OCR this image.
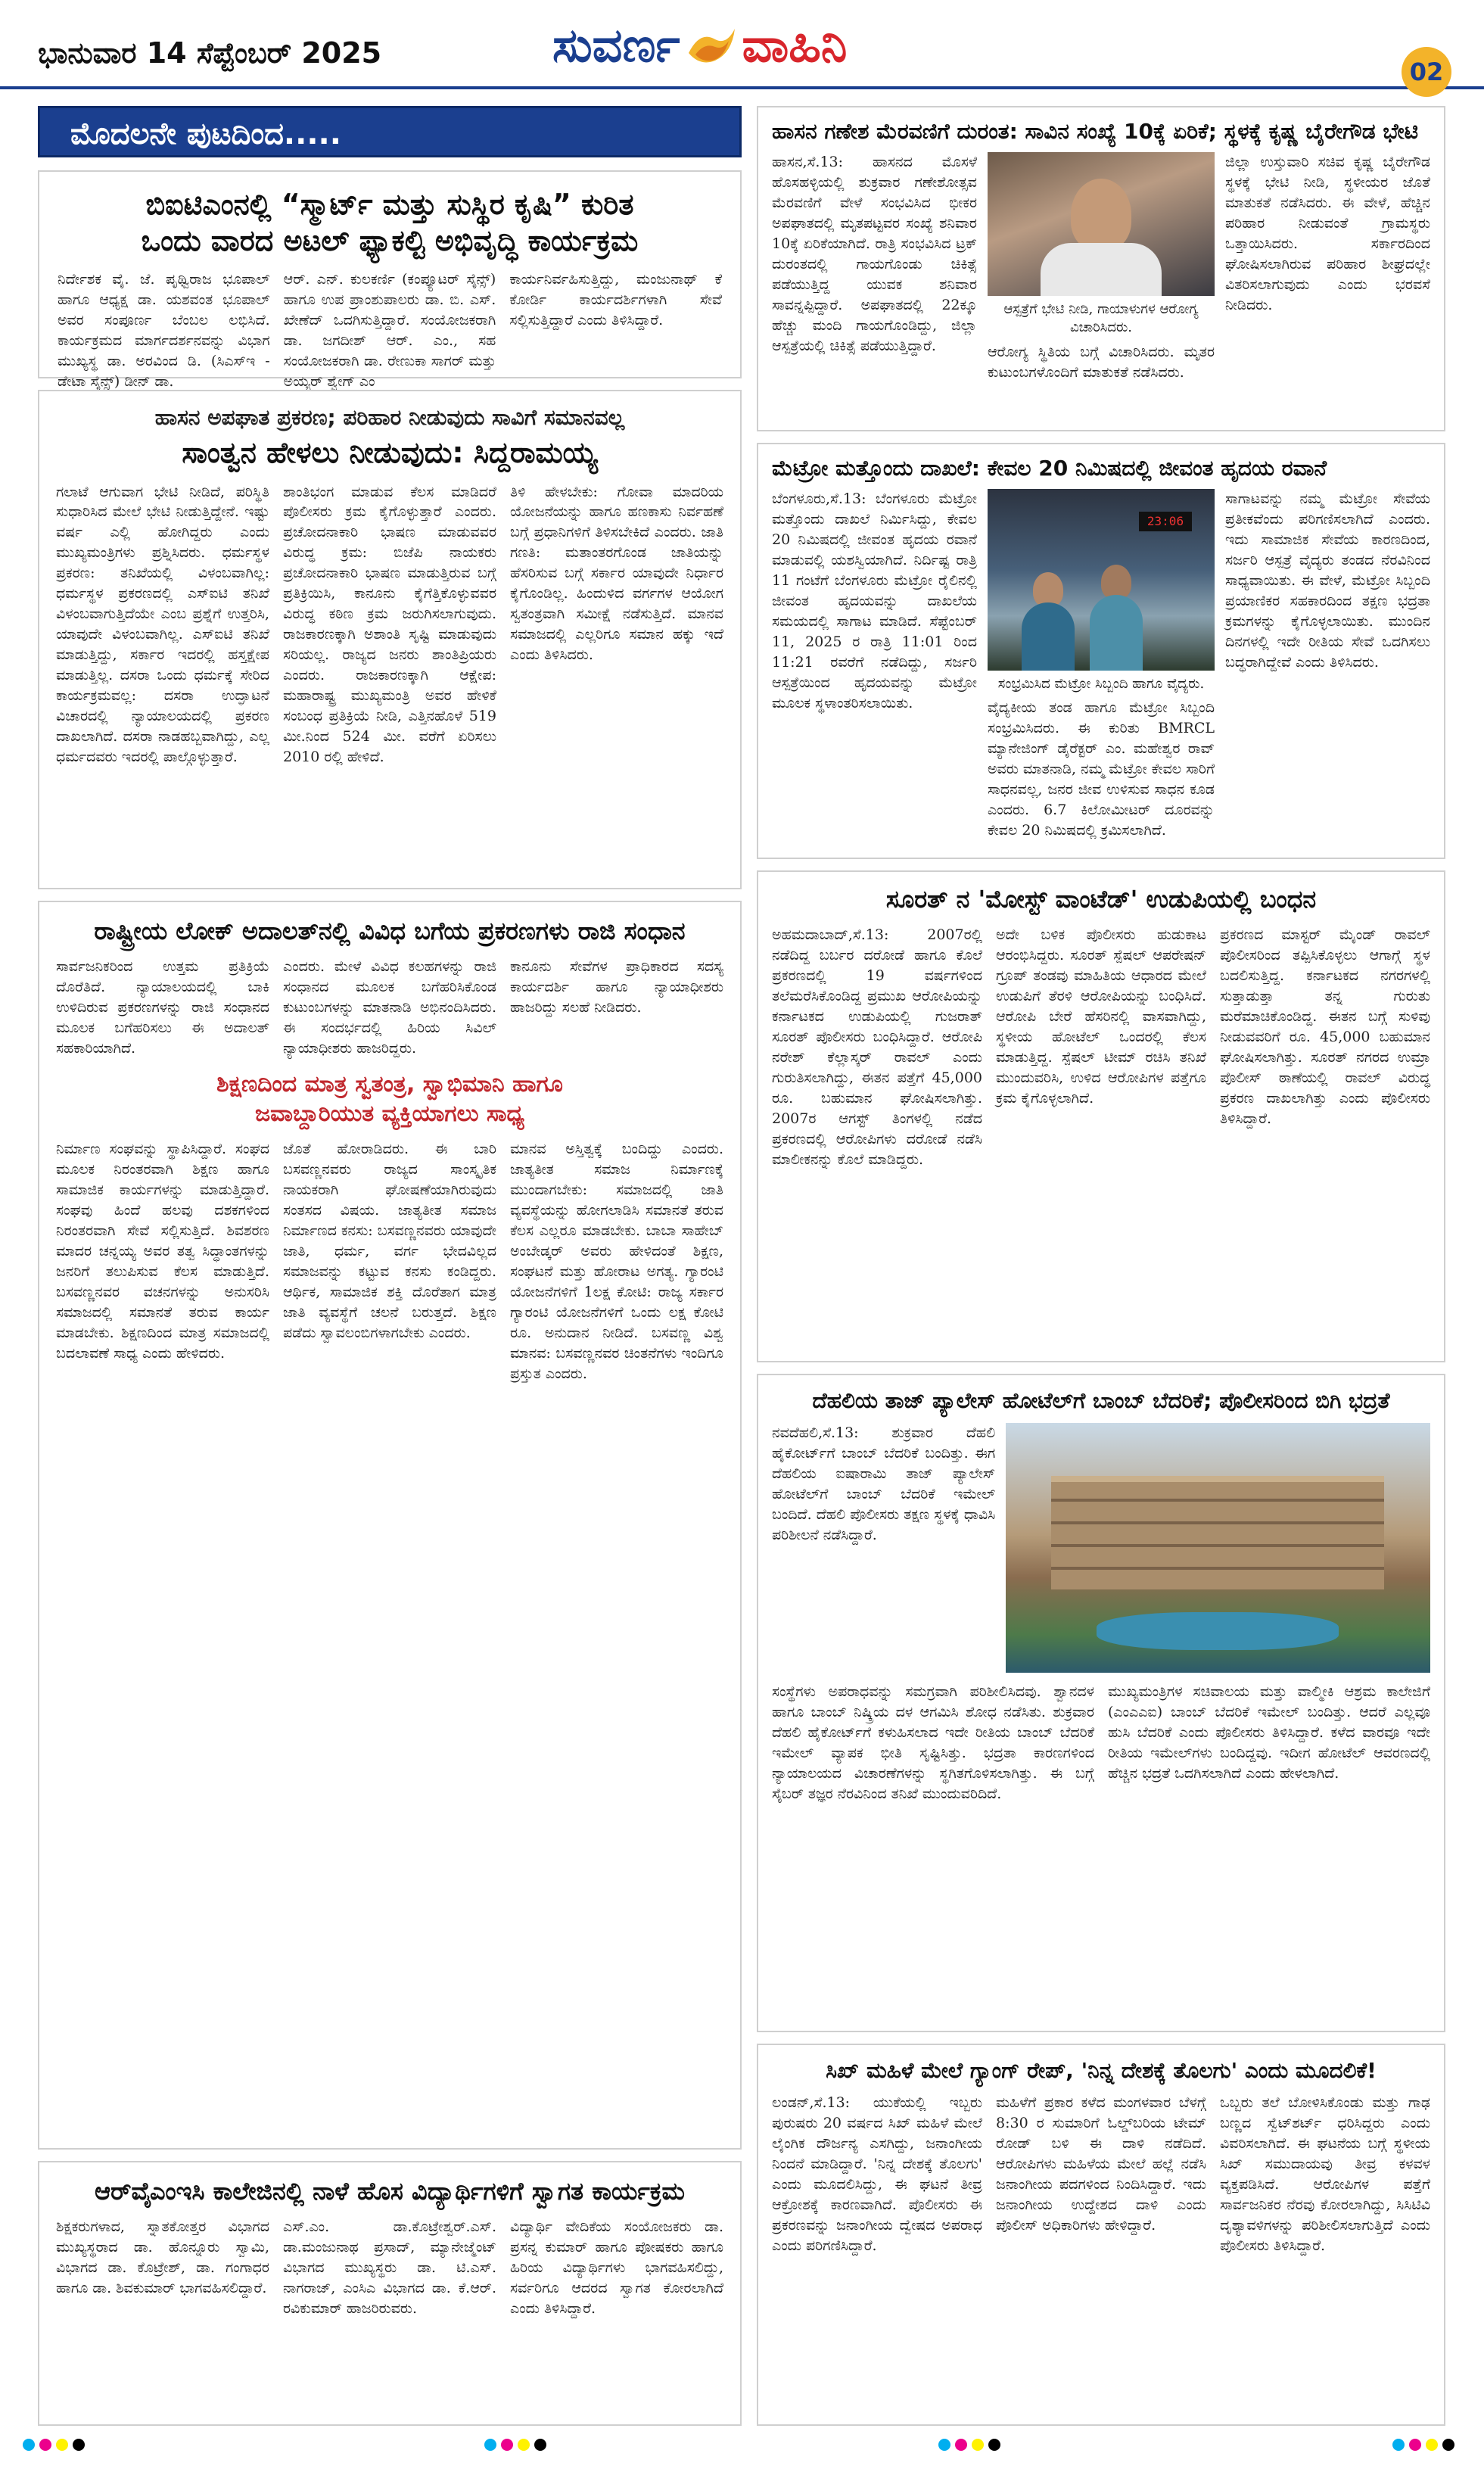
ಭಾನುವಾರ 14 ಸೆಪ್ಟೆಂಬರ್ 2025	ಸುವರ್ಣ ವಾಹಿನಿ	02
ಮೊದಲನೇ ಪುಟದಿಂದ.....
ಬಿಐಟಿಎಂನಲ್ಲಿ “ಸ್ಮಾರ್ಟ್ ಮತ್ತು ಸುಸ್ಥಿರ ಕೃಷಿ” ಕುರಿತ
ಒಂದು ವಾರದ ಅಟಲ್ ಫ್ಯಾಕಲ್ಟಿ ಅಭಿವೃದ್ಧಿ ಕಾರ್ಯಕ್ರಮ

ನಿರ್ದೇಶಕ ವೈ. ಜೆ. ಪೃಥ್ವಿರಾಜ ಭೂಪಾಲ್ ಹಾಗೂ ಆಧ್ಯಕ್ಷ ಡಾ. ಯಶವಂತ ಭೂಪಾಲ್ ಅವರ ಸಂಪೂರ್ಣ ಬೆಂಬಲ ಲಭಿಸಿದೆ. ಕಾರ್ಯಕ್ರಮದ ಮಾರ್ಗದರ್ಶನವನ್ನು ವಿಭಾಗ ಮುಖ್ಯಸ್ಥ ಡಾ. ಅರವಿಂದ ಡಿ. (ಸಿಎಸ್ಇ - ಡೇಟಾ ಸೈನ್ಸ್) ಡೀನ್ ಡಾ.

ಆರ್. ಎನ್. ಕುಲಕರ್ಣಿ (ಕಂಪ್ಯೂಟರ್ ಸೈನ್ಸ್) ಹಾಗೂ ಉಪ ಪ್ರಾಂಶುಪಾಲರು ಡಾ. ಬಿ. ಎಸ್. ಖೇಣೆದ್ ಒದಗಿಸುತ್ತಿದ್ದಾರೆ. ಸಂಯೋಜಕರಾಗಿ ಡಾ. ಜಗದೀಶ್ ಆರ್. ಎಂ., ಸಹ ಸಂಯೋಜಕರಾಗಿ ಡಾ. ರೇಣುಕಾ ಸಾಗರ್ ಮತ್ತು ಅಯ್ಯರ್ ಶ್ವೇಗ್ ಎಂ

ಕಾರ್ಯನಿರ್ವಹಿಸುತ್ತಿದ್ದು, ಮಂಜುನಾಥ್ ಕೆ ಕೋರ್ಡಿ ಕಾರ್ಯದರ್ಶಿಗಳಾಗಿ ಸೇವೆ ಸಲ್ಲಿಸುತ್ತಿದ್ದಾರೆ ಎಂದು ತಿಳಿಸಿದ್ದಾರೆ.

ಹಾಸನ ಅಪಘಾತ ಪ್ರಕರಣ; ಪರಿಹಾರ ನೀಡುವುದು ಸಾವಿಗೆ ಸಮಾನವಲ್ಲ
ಸಾಂತ್ವನ ಹೇಳಲು ನೀಡುವುದು: ಸಿದ್ದರಾಮಯ್ಯ

ಗಲಾಟೆ ಆಗುವಾಗ ಭೇಟಿ ನೀಡಿದೆ, ಪರಿಸ್ಥಿತಿ ಸುಧಾರಿಸಿದ ಮೇಲೆ ಭೇಟಿ ನೀಡುತ್ತಿದ್ದೇನೆ. ಇಷ್ಟು ವರ್ಷ ಎಲ್ಲಿ ಹೋಗಿದ್ದರು ಎಂದು ಮುಖ್ಯಮಂತ್ರಿಗಳು ಪ್ರಶ್ನಿಸಿದರು. ಧರ್ಮಸ್ಥಳ ಪ್ರಕರಣ: ತನಿಖೆಯಲ್ಲಿ ವಿಳಂಬವಾಗಿಲ್ಲ: ಧರ್ಮಸ್ಥಳ ಪ್ರಕರಣದಲ್ಲಿ ಎಸ್ಐಟಿ ತನಿಖೆ ವಿಳಂಬವಾಗುತ್ತಿದೆಯೇ ಎಂಬ ಪ್ರಶ್ನೆಗೆ ಉತ್ತರಿಸಿ, ಯಾವುದೇ ವಿಳಂಬವಾಗಿಲ್ಲ. ಎಸ್ಐಟಿ ತನಿಖೆ ಮಾಡುತ್ತಿದ್ದು, ಸರ್ಕಾರ ಇದರಲ್ಲಿ ಹಸ್ತಕ್ಷೇಪ ಮಾಡುತ್ತಿಲ್ಲ. ದಸರಾ ಒಂದು ಧರ್ಮಕ್ಕೆ ಸೇರಿದ ಕಾರ್ಯಕ್ರಮವಲ್ಲ: ದಸರಾ ಉದ್ಘಾಟನೆ ವಿಚಾರದಲ್ಲಿ ನ್ಯಾಯಾಲಯದಲ್ಲಿ ಪ್ರಕರಣ ದಾಖಲಾಗಿದೆ. ದಸರಾ ನಾಡಹಬ್ಬವಾಗಿದ್ದು, ಎಲ್ಲ ಧರ್ಮದವರು ಇದರಲ್ಲಿ ಪಾಲ್ಗೊಳ್ಳುತ್ತಾರೆ.

ಶಾಂತಿಭಂಗ ಮಾಡುವ ಕೆಲಸ ಮಾಡಿದರೆ ಪೊಲೀಸರು ಕ್ರಮ ಕೈಗೊಳ್ಳುತ್ತಾರೆ ಎಂದರು. ಪ್ರಚೋದನಾಕಾರಿ ಭಾಷಣ ಮಾಡುವವರ ವಿರುದ್ಧ ಕ್ರಮ: ಬಿಜೆಪಿ ನಾಯಕರು ಪ್ರಚೋದನಾಕಾರಿ ಭಾಷಣ ಮಾಡುತ್ತಿರುವ ಬಗ್ಗೆ ಪ್ರತಿಕ್ರಿಯಿಸಿ, ಕಾನೂನು ಕೈಗೆತ್ತಿಕೊಳ್ಳುವವರ ವಿರುದ್ಧ ಕಠಿಣ ಕ್ರಮ ಜರುಗಿಸಲಾಗುವುದು. ರಾಜಕಾರಣಕ್ಕಾಗಿ ಅಶಾಂತಿ ಸೃಷ್ಟಿ ಮಾಡುವುದು ಸರಿಯಲ್ಲ. ರಾಜ್ಯದ ಜನರು ಶಾಂತಿಪ್ರಿಯರು ಎಂದರು. ರಾಜಕಾರಣಕ್ಕಾಗಿ ಆಕ್ಷೇಪ: ಮಹಾರಾಷ್ಟ್ರ ಮುಖ್ಯಮಂತ್ರಿ ಅವರ ಹೇಳಿಕೆ ಸಂಬಂಧ ಪ್ರತಿಕ್ರಿಯೆ ನೀಡಿ, ಎತ್ತಿನಹೊಳೆ 519 ಮೀ.ನಿಂದ 524 ಮೀ. ವರೆಗೆ ಏರಿಸಲು 2010 ರಲ್ಲಿ ಹೇಳಿದೆ.

ತಿಳಿ ಹೇಳಬೇಕು: ಗೋವಾ ಮಾದರಿಯ ಯೋಜನೆಯನ್ನು ಹಾಗೂ ಹಣಕಾಸು ನಿರ್ವಹಣೆ ಬಗ್ಗೆ ಪ್ರಧಾನಿಗಳಿಗೆ ತಿಳಿಸಬೇಕಿದೆ ಎಂದರು. ಜಾತಿ ಗಣತಿ: ಮತಾಂತರಗೊಂಡ ಜಾತಿಯನ್ನು ಹೆಸರಿಸುವ ಬಗ್ಗೆ ಸರ್ಕಾರ ಯಾವುದೇ ನಿರ್ಧಾರ ಕೈಗೊಂಡಿಲ್ಲ. ಹಿಂದುಳಿದ ವರ್ಗಗಳ ಆಯೋಗ ಸ್ವತಂತ್ರವಾಗಿ ಸಮೀಕ್ಷೆ ನಡೆಸುತ್ತಿದೆ. ಮಾನವ ಸಮಾಜದಲ್ಲಿ ಎಲ್ಲರಿಗೂ ಸಮಾನ ಹಕ್ಕು ಇದೆ ಎಂದು ತಿಳಿಸಿದರು.

ರಾಷ್ಟ್ರೀಯ ಲೋಕ್ ಅದಾಲತ್‌ನಲ್ಲಿ ವಿವಿಧ ಬಗೆಯ ಪ್ರಕರಣಗಳು ರಾಜಿ ಸಂಧಾನ

ಸಾರ್ವಜನಿಕರಿಂದ ಉತ್ತಮ ಪ್ರತಿಕ್ರಿಯೆ ದೊರೆತಿದೆ. ನ್ಯಾಯಾಲಯದಲ್ಲಿ ಬಾಕಿ ಉಳಿದಿರುವ ಪ್ರಕರಣಗಳನ್ನು ರಾಜಿ ಸಂಧಾನದ ಮೂಲಕ ಬಗೆಹರಿಸಲು ಈ ಅದಾಲತ್ ಸಹಕಾರಿಯಾಗಿದೆ.

ಎಂದರು. ಮೇಳೆ ವಿವಿಧ ಕಲಹಗಳನ್ನು ರಾಜಿ ಸಂಧಾನದ ಮೂಲಕ ಬಗೆಹರಿಸಿಕೊಂಡ ಕುಟುಂಬಗಳನ್ನು ಮಾತನಾಡಿ ಅಭಿನಂದಿಸಿದರು. ಈ ಸಂದರ್ಭದಲ್ಲಿ ಹಿರಿಯ ಸಿವಿಲ್ ನ್ಯಾಯಾಧೀಶರು ಹಾಜರಿದ್ದರು.

ಕಾನೂನು ಸೇವೆಗಳ ಪ್ರಾಧಿಕಾರದ ಸದಸ್ಯ ಕಾರ್ಯದರ್ಶಿ ಹಾಗೂ ನ್ಯಾಯಾಧೀಶರು ಹಾಜರಿದ್ದು ಸಲಹೆ ನೀಡಿದರು.

ಶಿಕ್ಷಣದಿಂದ ಮಾತ್ರ ಸ್ವತಂತ್ರ, ಸ್ವಾಭಿಮಾನಿ ಹಾಗೂ
ಜವಾಬ್ದಾರಿಯುತ ವ್ಯಕ್ತಿಯಾಗಲು ಸಾಧ್ಯ

ನಿರ್ಮಾಣ ಸಂಘವನ್ನು ಸ್ಥಾಪಿಸಿದ್ದಾರೆ. ಸಂಘದ ಮೂಲಕ ನಿರಂತರವಾಗಿ ಶಿಕ್ಷಣ ಹಾಗೂ ಸಾಮಾಜಿಕ ಕಾರ್ಯಗಳನ್ನು ಮಾಡುತ್ತಿದ್ದಾರೆ. ಸಂಘವು ಹಿಂದೆ ಹಲವು ದಶಕಗಳಿಂದ ನಿರಂತರವಾಗಿ ಸೇವೆ ಸಲ್ಲಿಸುತ್ತಿದೆ. ಶಿವಶರಣ ಮಾದರ ಚನ್ನಯ್ಯ ಅವರ ತತ್ವ ಸಿದ್ಧಾಂತಗಳನ್ನು ಜನರಿಗೆ ತಲುಪಿಸುವ ಕೆಲಸ ಮಾಡುತ್ತಿದೆ. ಬಸವಣ್ಣನವರ ವಚನಗಳನ್ನು ಅನುಸರಿಸಿ ಸಮಾಜದಲ್ಲಿ ಸಮಾನತೆ ತರುವ ಕಾರ್ಯ ಮಾಡಬೇಕು. ಶಿಕ್ಷಣದಿಂದ ಮಾತ್ರ ಸಮಾಜದಲ್ಲಿ ಬದಲಾವಣೆ ಸಾಧ್ಯ ಎಂದು ಹೇಳಿದರು.

ಜೊತೆ ಹೋರಾಡಿದರು. ಈ ಬಾರಿ ಬಸವಣ್ಣನವರು ರಾಜ್ಯದ ಸಾಂಸ್ಕೃತಿಕ ನಾಯಕರಾಗಿ ಘೋಷಣೆಯಾಗಿರುವುದು ಸಂತಸದ ವಿಷಯ. ಜಾತ್ಯತೀತ ಸಮಾಜ ನಿರ್ಮಾಣದ ಕನಸು: ಬಸವಣ್ಣನವರು ಯಾವುದೇ ಜಾತಿ, ಧರ್ಮ, ವರ್ಗ ಭೇದವಿಲ್ಲದ ಸಮಾಜವನ್ನು ಕಟ್ಟುವ ಕನಸು ಕಂಡಿದ್ದರು. ಆರ್ಥಿಕ, ಸಾಮಾಜಿಕ ಶಕ್ತಿ ದೊರೆತಾಗ ಮಾತ್ರ ಜಾತಿ ವ್ಯವಸ್ಥೆಗೆ ಚಲನೆ ಬರುತ್ತದೆ. ಶಿಕ್ಷಣ ಪಡೆದು ಸ್ವಾವಲಂಬಿಗಳಾಗಬೇಕು ಎಂದರು.

ಮಾನವ ಅಸ್ತಿತ್ವಕ್ಕೆ ಬಂದಿದ್ದು ಎಂದರು. ಜಾತ್ಯತೀತ ಸಮಾಜ ನಿರ್ಮಾಣಕ್ಕೆ ಮುಂದಾಗಬೇಕು: ಸಮಾಜದಲ್ಲಿ ಜಾತಿ ವ್ಯವಸ್ಥೆಯನ್ನು ಹೋಗಲಾಡಿಸಿ ಸಮಾನತೆ ತರುವ ಕೆಲಸ ಎಲ್ಲರೂ ಮಾಡಬೇಕು. ಬಾಬಾ ಸಾಹೇಬ್ ಅಂಬೇಡ್ಕರ್ ಅವರು ಹೇಳಿದಂತೆ ಶಿಕ್ಷಣ, ಸಂಘಟನೆ ಮತ್ತು ಹೋರಾಟ ಅಗತ್ಯ. ಗ್ಯಾರಂಟಿ ಯೋಜನೆಗಳಿಗೆ 1ಲಕ್ಷ ಕೋಟಿ: ರಾಜ್ಯ ಸರ್ಕಾರ ಗ್ಯಾರಂಟಿ ಯೋಜನೆಗಳಿಗೆ ಒಂದು ಲಕ್ಷ ಕೋಟಿ ರೂ. ಅನುದಾನ ನೀಡಿದೆ. ಬಸವಣ್ಣ ವಿಶ್ವ ಮಾನವ: ಬಸವಣ್ಣನವರ ಚಿಂತನೆಗಳು ಇಂದಿಗೂ ಪ್ರಸ್ತುತ ಎಂದರು.

ಆರ್‌ವೈಎಂಇಸಿ ಕಾಲೇಜಿನಲ್ಲಿ ನಾಳೆ ಹೊಸ ವಿದ್ಯಾರ್ಥಿಗಳಿಗೆ ಸ್ವಾಗತ ಕಾರ್ಯಕ್ರಮ

ಶಿಕ್ಷಕರುಗಳಾದ, ಸ್ನಾತಕೋತ್ತರ ವಿಭಾಗದ ಮುಖ್ಯಸ್ಥರಾದ ಡಾ. ಹೊನ್ನೂರು ಸ್ವಾಮಿ, ವಿಭಾಗದ ಡಾ. ಕೊಟ್ರೇಶ್, ಡಾ. ಗಂಗಾಧರ ಹಾಗೂ ಡಾ. ಶಿವಕುಮಾರ್ ಭಾಗವಹಿಸಲಿದ್ದಾರೆ.

ಎಸ್.ಎಂ. ಡಾ.ಕೊಟ್ರೇಶ್ವರ್.ಎಸ್. ಡಾ.ಮಂಜುನಾಥ ಪ್ರಸಾದ್, ಮ್ಯಾನೇಜ್ಮೆಂಟ್ ವಿಭಾಗದ ಮುಖ್ಯಸ್ಥರು ಡಾ. ಟಿ.ಎಸ್. ನಾಗರಾಜ್, ಎಂಸಿಎ ವಿಭಾಗದ ಡಾ. ಕೆ.ಆರ್. ರವಿಕುಮಾರ್ ಹಾಜರಿರುವರು.

ವಿದ್ಯಾರ್ಥಿ ವೇದಿಕೆಯ ಸಂಯೋಜಕರು ಡಾ. ಪ್ರಸನ್ನ ಕುಮಾರ್ ಹಾಗೂ ಪೋಷಕರು ಹಾಗೂ ಹಿರಿಯ ವಿದ್ಯಾರ್ಥಿಗಳು ಭಾಗವಹಿಸಲಿದ್ದು, ಸರ್ವರಿಗೂ ಆದರದ ಸ್ವಾಗತ ಕೋರಲಾಗಿದೆ ಎಂದು ತಿಳಿಸಿದ್ದಾರೆ.

ಹಾಸನ ಗಣೇಶ ಮೆರವಣಿಗೆ ದುರಂತ: ಸಾವಿನ ಸಂಖ್ಯೆ 10ಕ್ಕೆ ಏರಿಕೆ; ಸ್ಥಳಕ್ಕೆ ಕೃಷ್ಣ ಬೈರೇಗೌಡ ಭೇಟಿ

ಹಾಸನ,ಸೆ.13: ಹಾಸನದ ಮೊಸಳೆ ಹೊಸಹಳ್ಳಿಯಲ್ಲಿ ಶುಕ್ರವಾರ ಗಣೇಶೋತ್ಸವ ಮೆರವಣಿಗೆ ವೇಳೆ ಸಂಭವಿಸಿದ ಭೀಕರ ಅಪಘಾತದಲ್ಲಿ ಮೃತಪಟ್ಟವರ ಸಂಖ್ಯೆ ಶನಿವಾರ 10ಕ್ಕೆ ಏರಿಕೆಯಾಗಿದೆ. ರಾತ್ರಿ ಸಂಭವಿಸಿದ ಟ್ರಕ್ ದುರಂತದಲ್ಲಿ ಗಾಯಗೊಂಡು ಚಿಕಿತ್ಸೆ ಪಡೆಯುತ್ತಿದ್ದ ಯುವಕ ಶನಿವಾರ ಸಾವನ್ನಪ್ಪಿದ್ದಾರೆ. ಅಪಘಾತದಲ್ಲಿ 22ಕ್ಕೂ ಹೆಚ್ಚು ಮಂದಿ ಗಾಯಗೊಂಡಿದ್ದು, ಜಿಲ್ಲಾ ಆಸ್ಪತ್ರೆಯಲ್ಲಿ ಚಿಕಿತ್ಸೆ ಪಡೆಯುತ್ತಿದ್ದಾರೆ.

ಆಸ್ಪತ್ರೆಗೆ ಭೇಟಿ ನೀಡಿ, ಗಾಯಾಳುಗಳ ಆರೋಗ್ಯ ವಿಚಾರಿಸಿದರು.

ಆರೋಗ್ಯ ಸ್ಥಿತಿಯ ಬಗ್ಗೆ ವಿಚಾರಿಸಿದರು. ಮೃತರ ಕುಟುಂಬಗಳೊಂದಿಗೆ ಮಾತುಕತೆ ನಡೆಸಿದರು.

ಜಿಲ್ಲಾ ಉಸ್ತುವಾರಿ ಸಚಿವ ಕೃಷ್ಣ ಬೈರೇಗೌಡ ಸ್ಥಳಕ್ಕೆ ಭೇಟಿ ನೀಡಿ, ಸ್ಥಳೀಯರ ಜೊತೆ ಮಾತುಕತೆ ನಡೆಸಿದರು. ಈ ವೇಳೆ, ಹೆಚ್ಚಿನ ಪರಿಹಾರ ನೀಡುವಂತೆ ಗ್ರಾಮಸ್ಥರು ಒತ್ತಾಯಿಸಿದರು. ಸರ್ಕಾರದಿಂದ ಘೋಷಿಸಲಾಗಿರುವ ಪರಿಹಾರ ಶೀಘ್ರದಲ್ಲೇ ವಿತರಿಸಲಾಗುವುದು ಎಂದು ಭರವಸೆ ನೀಡಿದರು.

ಮೆಟ್ರೋ ಮತ್ತೊಂದು ದಾಖಲೆ: ಕೇವಲ 20 ನಿಮಿಷದಲ್ಲಿ ಜೀವಂತ ಹೃದಯ ರವಾನೆ

ಬೆಂಗಳೂರು,ಸೆ.13: ಬೆಂಗಳೂರು ಮೆಟ್ರೋ ಮತ್ತೊಂದು ದಾಖಲೆ ನಿರ್ಮಿಸಿದ್ದು, ಕೇವಲ 20 ನಿಮಿಷದಲ್ಲಿ ಜೀವಂತ ಹೃದಯ ರವಾನೆ ಮಾಡುವಲ್ಲಿ ಯಶಸ್ವಿಯಾಗಿದೆ. ನಿರ್ದಿಷ್ಟ ರಾತ್ರಿ 11 ಗಂಟೆಗೆ ಬೆಂಗಳೂರು ಮೆಟ್ರೋ ರೈಲಿನಲ್ಲಿ ಜೀವಂತ ಹೃದಯವನ್ನು ದಾಖಲೆಯ ಸಮಯದಲ್ಲಿ ಸಾಗಾಟ ಮಾಡಿದೆ. ಸೆಪ್ಟೆಂಬರ್ 11, 2025 ರ ರಾತ್ರಿ 11:01 ರಿಂದ 11:21 ರವರೆಗೆ ನಡೆದಿದ್ದು, ಸರ್ಜರಿ ಆಸ್ಪತ್ರೆಯಿಂದ ಹೃದಯವನ್ನು ಮೆಟ್ರೋ ಮೂಲಕ ಸ್ಥಳಾಂತರಿಸಲಾಯಿತು.

23:06
ಸಂಭ್ರಮಿಸಿದ ಮೆಟ್ರೋ ಸಿಬ್ಬಂದಿ ಹಾಗೂ ವೈದ್ಯರು.

ವೈದ್ಯಕೀಯ ತಂಡ ಹಾಗೂ ಮೆಟ್ರೋ ಸಿಬ್ಬಂದಿ ಸಂಭ್ರಮಿಸಿದರು. ಈ ಕುರಿತು BMRCL ಮ್ಯಾನೇಜಿಂಗ್ ಡೈರೆಕ್ಟರ್ ಎಂ. ಮಹೇಶ್ವರ ರಾವ್ ಅವರು ಮಾತನಾಡಿ, ನಮ್ಮ ಮೆಟ್ರೋ ಕೇವಲ ಸಾರಿಗೆ ಸಾಧನವಲ್ಲ, ಜನರ ಜೀವ ಉಳಿಸುವ ಸಾಧನ ಕೂಡ ಎಂದರು. 6.7 ಕಿಲೋಮೀಟರ್ ದೂರವನ್ನು ಕೇವಲ 20 ನಿಮಿಷದಲ್ಲಿ ಕ್ರಮಿಸಲಾಗಿದೆ.

ಸಾಗಾಟವನ್ನು ನಮ್ಮ ಮೆಟ್ರೋ ಸೇವೆಯ ಪ್ರತೀಕವೆಂದು ಪರಿಗಣಿಸಲಾಗಿದೆ ಎಂದರು. ಇದು ಸಾಮಾಜಿಕ ಸೇವೆಯ ಕಾರಣದಿಂದ, ಸರ್ಜರಿ ಆಸ್ಪತ್ರೆ ವೈದ್ಯರು ತಂಡದ ನೆರವಿನಿಂದ ಸಾಧ್ಯವಾಯಿತು. ಈ ವೇಳೆ, ಮೆಟ್ರೋ ಸಿಬ್ಬಂದಿ ಪ್ರಯಾಣಿಕರ ಸಹಕಾರದಿಂದ ತಕ್ಷಣ ಭದ್ರತಾ ಕ್ರಮಗಳನ್ನು ಕೈಗೊಳ್ಳಲಾಯಿತು. ಮುಂದಿನ ದಿನಗಳಲ್ಲಿ ಇದೇ ರೀತಿಯ ಸೇವೆ ಒದಗಿಸಲು ಬದ್ಧರಾಗಿದ್ದೇವೆ ಎಂದು ತಿಳಿಸಿದರು.

ಸೂರತ್ ನ 'ಮೋಸ್ಟ್ ವಾಂಟೆಡ್' ಉಡುಪಿಯಲ್ಲಿ ಬಂಧನ

ಅಹಮದಾಬಾದ್,ಸೆ.13: 2007ರಲ್ಲಿ ನಡೆದಿದ್ದ ಬರ್ಬರ ದರೋಡೆ ಹಾಗೂ ಕೊಲೆ ಪ್ರಕರಣದಲ್ಲಿ 19 ವರ್ಷಗಳಿಂದ ತಲೆಮರೆಸಿಕೊಂಡಿದ್ದ ಪ್ರಮುಖ ಆರೋಪಿಯನ್ನು ಕರ್ನಾಟಕದ ಉಡುಪಿಯಲ್ಲಿ ಗುಜರಾತ್ ಸೂರತ್ ಪೊಲೀಸರು ಬಂಧಿಸಿದ್ದಾರೆ. ಆರೋಪಿ ನರೇಶ್ ಕೆಲ್ಲಾಸ್ಕರ್ ರಾವಲ್ ಎಂದು ಗುರುತಿಸಲಾಗಿದ್ದು, ಈತನ ಪತ್ತೆಗೆ 45,000 ರೂ. ಬಹುಮಾನ ಘೋಷಿಸಲಾಗಿತ್ತು. 2007ರ ಆಗಸ್ಟ್ ತಿಂಗಳಲ್ಲಿ ನಡೆದ ಪ್ರಕರಣದಲ್ಲಿ ಆರೋಪಿಗಳು ದರೋಡೆ ನಡೆಸಿ ಮಾಲೀಕನನ್ನು ಕೊಲೆ ಮಾಡಿದ್ದರು.

ಅದೇ ಬಳಿಕ ಪೊಲೀಸರು ಹುಡುಕಾಟ ಆರಂಭಿಸಿದ್ದರು. ಸೂರತ್ ಸ್ಪೆಷಲ್ ಆಪರೇಷನ್ ಗ್ರೂಪ್ ತಂಡವು ಮಾಹಿತಿಯ ಆಧಾರದ ಮೇಲೆ ಉಡುಪಿಗೆ ತೆರಳಿ ಆರೋಪಿಯನ್ನು ಬಂಧಿಸಿದೆ. ಆರೋಪಿ ಬೇರೆ ಹೆಸರಿನಲ್ಲಿ ವಾಸವಾಗಿದ್ದು, ಸ್ಥಳೀಯ ಹೋಟೆಲ್ ಒಂದರಲ್ಲಿ ಕೆಲಸ ಮಾಡುತ್ತಿದ್ದ. ಸ್ಪೆಷಲ್ ಟೀಮ್ ರಚಿಸಿ ತನಿಖೆ ಮುಂದುವರಿಸಿ, ಉಳಿದ ಆರೋಪಿಗಳ ಪತ್ತೆಗೂ ಕ್ರಮ ಕೈಗೊಳ್ಳಲಾಗಿದೆ.

ಪ್ರಕರಣದ ಮಾಸ್ಟರ್ ಮೈಂಡ್ ರಾವಲ್ ಪೊಲೀಸರಿಂದ ತಪ್ಪಿಸಿಕೊಳ್ಳಲು ಆಗಾಗ್ಗೆ ಸ್ಥಳ ಬದಲಿಸುತ್ತಿದ್ದ. ಕರ್ನಾಟಕದ ನಗರಗಳಲ್ಲಿ ಸುತ್ತಾಡುತ್ತಾ ತನ್ನ ಗುರುತು ಮರೆಮಾಚಿಕೊಂಡಿದ್ದ. ಈತನ ಬಗ್ಗೆ ಸುಳಿವು ನೀಡುವವರಿಗೆ ರೂ. 45,000 ಬಹುಮಾನ ಘೋಷಿಸಲಾಗಿತ್ತು. ಸೂರತ್ ನಗರದ ಉಮ್ರಾ ಪೊಲೀಸ್ ಠಾಣೆಯಲ್ಲಿ ರಾವಲ್ ವಿರುದ್ಧ ಪ್ರಕರಣ ದಾಖಲಾಗಿತ್ತು ಎಂದು ಪೊಲೀಸರು ತಿಳಿಸಿದ್ದಾರೆ.

ದೆಹಲಿಯ ತಾಜ್ ಪ್ಯಾಲೇಸ್ ಹೋಟೆಲ್‌ಗೆ ಬಾಂಬ್ ಬೆದರಿಕೆ; ಪೊಲೀಸರಿಂದ ಬಿಗಿ ಭದ್ರತೆ

ನವದೆಹಲಿ,ಸೆ.13: ಶುಕ್ರವಾರ ದೆಹಲಿ ಹೈಕೋರ್ಟ್‌ಗೆ ಬಾಂಬ್ ಬೆದರಿಕೆ ಬಂದಿತ್ತು. ಈಗ ದೆಹಲಿಯ ಐಷಾರಾಮಿ ತಾಜ್ ಪ್ಯಾಲೇಸ್ ಹೋಟೆಲ್‌ಗೆ ಬಾಂಬ್ ಬೆದರಿಕೆ ಇಮೇಲ್ ಬಂದಿದೆ. ದೆಹಲಿ ಪೊಲೀಸರು ತಕ್ಷಣ ಸ್ಥಳಕ್ಕೆ ಧಾವಿಸಿ ಪರಿಶೀಲನೆ ನಡೆಸಿದ್ದಾರೆ.

ಸಂಸ್ಥೆಗಳು ಅಪರಾಧವನ್ನು ಸಮಗ್ರವಾಗಿ ಪರಿಶೀಲಿಸಿದವು. ಶ್ವಾನದಳ ಹಾಗೂ ಬಾಂಬ್ ನಿಷ್ಕ್ರಿಯ ದಳ ಆಗಮಿಸಿ ಶೋಧ ನಡೆಸಿತು. ಶುಕ್ರವಾರ ದೆಹಲಿ ಹೈಕೋರ್ಟ್‌ಗೆ ಕಳುಹಿಸಲಾದ ಇದೇ ರೀತಿಯ ಬಾಂಬ್ ಬೆದರಿಕೆ ಇಮೇಲ್ ವ್ಯಾಪಕ ಭೀತಿ ಸೃಷ್ಟಿಸಿತ್ತು. ಭದ್ರತಾ ಕಾರಣಗಳಿಂದ ನ್ಯಾಯಾಲಯದ ವಿಚಾರಣೆಗಳನ್ನು ಸ್ಥಗಿತಗೊಳಿಸಲಾಗಿತ್ತು. ಈ ಬಗ್ಗೆ ಸೈಬರ್ ತಜ್ಞರ ನೆರವಿನಿಂದ ತನಿಖೆ ಮುಂದುವರಿದಿದೆ.

ಮುಖ್ಯಮಂತ್ರಿಗಳ ಸಚಿವಾಲಯ ಮತ್ತು ವಾಲ್ಮೀಕಿ ಆಶ್ರಮ ಕಾಲೇಜಿಗೆ (ಎಂಎಎಐ) ಬಾಂಬ್ ಬೆದರಿಕೆ ಇಮೇಲ್ ಬಂದಿತ್ತು. ಆದರೆ ಎಲ್ಲವೂ ಹುಸಿ ಬೆದರಿಕೆ ಎಂದು ಪೊಲೀಸರು ತಿಳಿಸಿದ್ದಾರೆ. ಕಳೆದ ವಾರವೂ ಇದೇ ರೀತಿಯ ಇಮೇಲ್‌ಗಳು ಬಂದಿದ್ದವು. ಇದೀಗ ಹೋಟೆಲ್ ಆವರಣದಲ್ಲಿ ಹೆಚ್ಚಿನ ಭದ್ರತೆ ಒದಗಿಸಲಾಗಿದೆ ಎಂದು ಹೇಳಲಾಗಿದೆ.

ಸಿಖ್ ಮಹಿಳೆ ಮೇಲೆ ಗ್ಯಾಂಗ್ ರೇಪ್, 'ನಿನ್ನ ದೇಶಕ್ಕೆ ತೊಲಗು' ಎಂದು ಮೂದಲಿಕೆ!

ಲಂಡನ್,ಸೆ.13: ಯುಕೆಯಲ್ಲಿ ಇಬ್ಬರು ಪುರುಷರು 20 ವರ್ಷದ ಸಿಖ್ ಮಹಿಳೆ ಮೇಲೆ ಲೈಂಗಿಕ ದೌರ್ಜನ್ಯ ಎಸಗಿದ್ದು, ಜನಾಂಗೀಯ ನಿಂದನೆ ಮಾಡಿದ್ದಾರೆ. 'ನಿನ್ನ ದೇಶಕ್ಕೆ ತೊಲಗು' ಎಂದು ಮೂದಲಿಸಿದ್ದು, ಈ ಘಟನೆ ತೀವ್ರ ಆಕ್ರೋಶಕ್ಕೆ ಕಾರಣವಾಗಿದೆ. ಪೊಲೀಸರು ಈ ಪ್ರಕರಣವನ್ನು ಜನಾಂಗೀಯ ದ್ವೇಷದ ಅಪರಾಧ ಎಂದು ಪರಿಗಣಿಸಿದ್ದಾರೆ.

ಮಹಿಳೆಗೆ ಪ್ರಕಾರ ಕಳೆದ ಮಂಗಳವಾರ ಬೆಳಗ್ಗೆ 8:30 ರ ಸುಮಾರಿಗೆ ಓಲ್ಡ್‌ಬರಿಯ ಟೇಮ್ ರೋಡ್ ಬಳಿ ಈ ದಾಳಿ ನಡೆದಿದೆ. ಆರೋಪಿಗಳು ಮಹಿಳೆಯ ಮೇಲೆ ಹಲ್ಲೆ ನಡೆಸಿ ಜನಾಂಗೀಯ ಪದಗಳಿಂದ ನಿಂದಿಸಿದ್ದಾರೆ. ಇದು ಜನಾಂಗೀಯ ಉದ್ದೇಶದ ದಾಳಿ ಎಂದು ಪೊಲೀಸ್ ಅಧಿಕಾರಿಗಳು ಹೇಳಿದ್ದಾರೆ.

ಒಬ್ಬರು ತಲೆ ಬೋಳಿಸಿಕೊಂಡು ಮತ್ತು ಗಾಢ ಬಣ್ಣದ ಸ್ವೆಟ್‌ಶರ್ಟ್ ಧರಿಸಿದ್ದರು ಎಂದು ವಿವರಿಸಲಾಗಿದೆ. ಈ ಘಟನೆಯ ಬಗ್ಗೆ ಸ್ಥಳೀಯ ಸಿಖ್ ಸಮುದಾಯವು ತೀವ್ರ ಕಳವಳ ವ್ಯಕ್ತಪಡಿಸಿದೆ. ಆರೋಪಿಗಳ ಪತ್ತೆಗೆ ಸಾರ್ವಜನಿಕರ ನೆರವು ಕೋರಲಾಗಿದ್ದು, ಸಿಸಿಟಿವಿ ದೃಶ್ಯಾವಳಿಗಳನ್ನು ಪರಿಶೀಲಿಸಲಾಗುತ್ತಿದೆ ಎಂದು ಪೊಲೀಸರು ತಿಳಿಸಿದ್ದಾರೆ.
